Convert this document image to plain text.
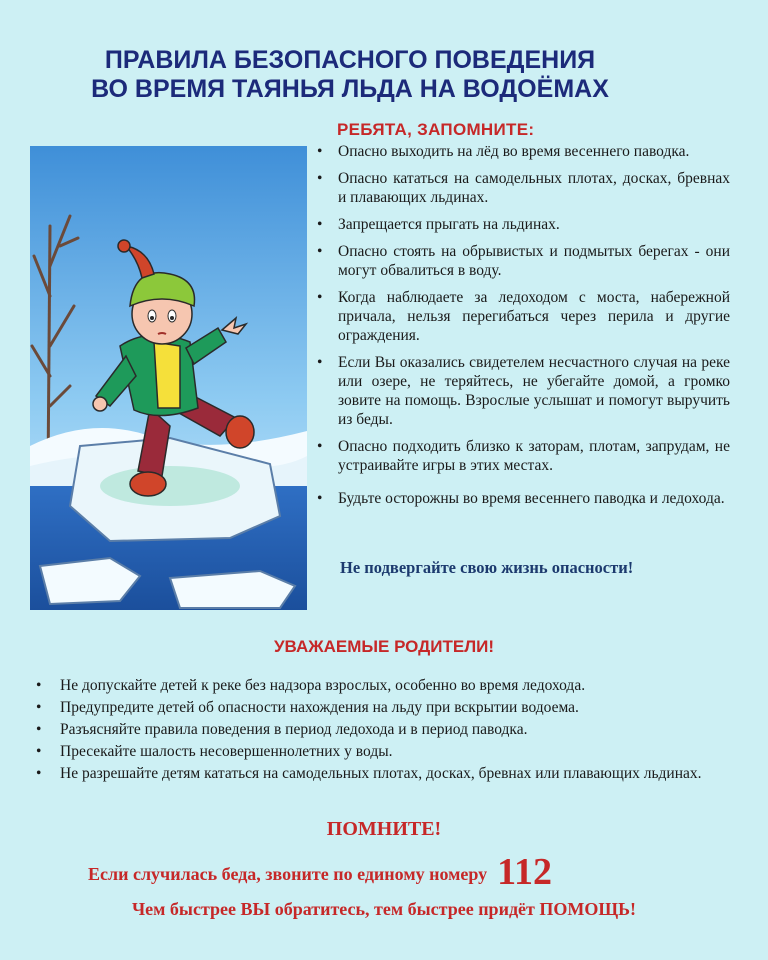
ПРАВИЛА БЕЗОПАСНОГО ПОВЕДЕНИЯ
ВО ВРЕМЯ ТАЯНЬЯ ЛЬДА НА ВОДОЁМАХ
РЕБЯТА, ЗАПОМНИТЕ:
• Опасно выходить на лёд во время весеннего паводка.
• Опасно кататься на самодельных плотах, досках, бревнах и плавающих льдинах.
• Запрещается прыгать на льдинах.
• Опасно стоять на обрывистых и подмытых берегах - они могут обвалиться в воду.
• Когда наблюдаете за ледоходом с моста, набережной причала, нельзя перегибаться через перила и другие ограждения.
• Если Вы оказались свидетелем несчастного случая на реке или озере, не теряйтесь, не убегайте домой, а громко зовите на помощь. Взрослые услышат и помогут выручить из беды.
• Опасно подходить близко к заторам, плотам, запрудам, не устраивайте игры в этих местах.
• Будьте осторожны во время весеннего паводка и ледохода.
Не подвергайте свою жизнь опасности!
УВАЖАЕМЫЕ РОДИТЕЛИ!
• Не допускайте детей к реке без надзора взрослых, особенно во время ледохода.
• Предупредите детей об опасности нахождения на льду при вскрытии водоема.
• Разъясняйте правила поведения в период ледохода и в период паводка.
• Пресекайте шалость несовершеннолетних у воды.
• Не разрешайте детям кататься на самодельных плотах, досках, бревнах или плавающих льдинах.
ПОМНИТЕ!
Если случилась беда, звоните по единому номеру 112
Чем быстрее ВЫ обратитесь, тем быстрее придёт ПОМОЩЬ!
